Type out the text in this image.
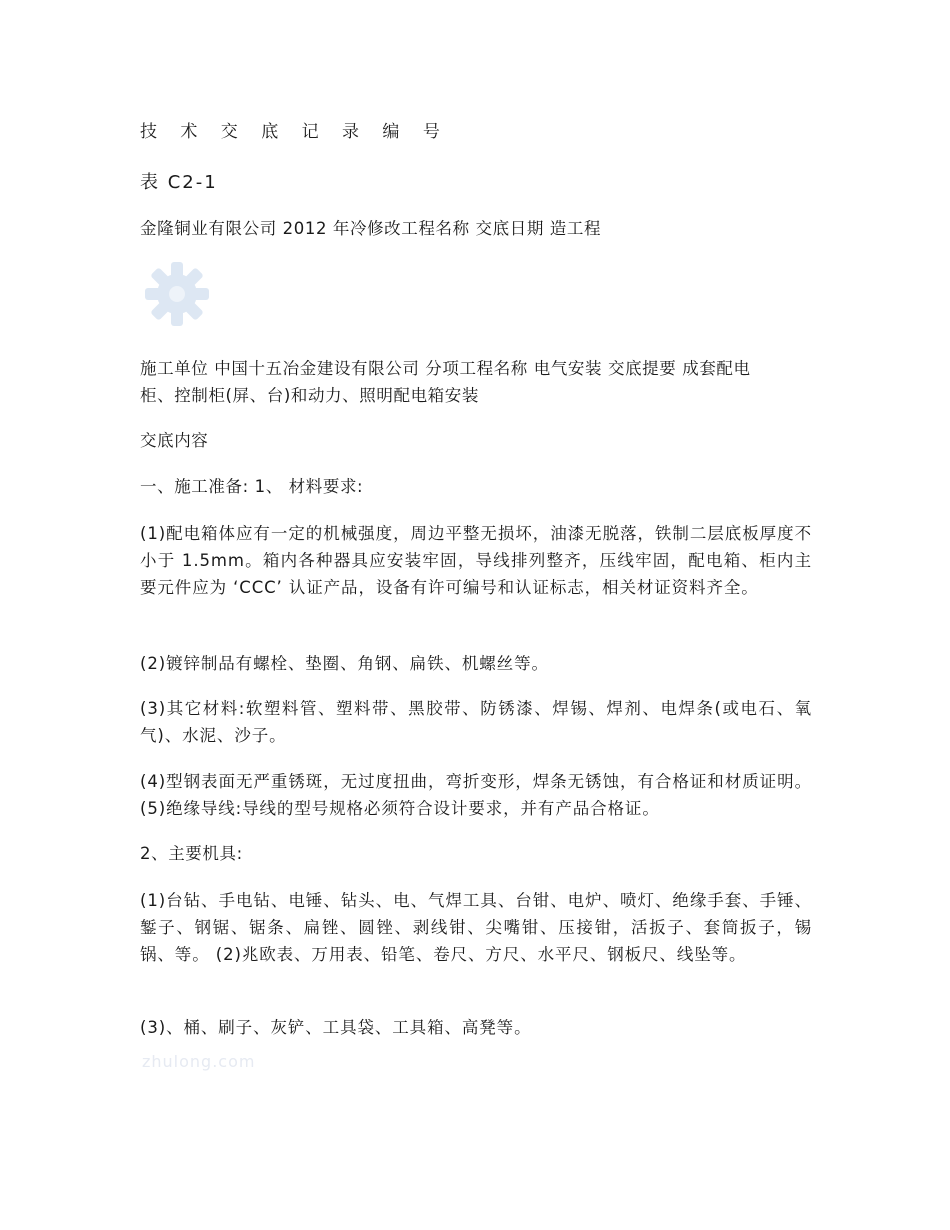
技 术 交 底 记 录 编 号
表 C2-1
金隆铜业有限公司 2012 年冷修改工程名称 交底日期 造工程
施工单位 中国十五冶金建设有限公司 分项工程名称 电气安装 交底提要 成套配电
柜、控制柜(屏、台)和动力、照明配电箱安装
交底内容
一、施工准备: 1、 材料要求:
(1)配电箱体应有一定的机械强度，周边平整无损坏，油漆无脱落，铁制二层底板厚度不小于 1.5mm。箱内各种器具应安装牢固，导线排列整齐，压线牢固，配电箱、柜内主要元件应为 ‘CCC’ 认证产品，设备有许可编号和认证标志，相关材证资料齐全。
(2)镀锌制品有螺栓、垫圈、角钢、扁铁、机螺丝等。
(3)其它材料:软塑料管、塑料带、黑胶带、防锈漆、焊锡、焊剂、电焊条(或电石、氧气)、水泥、沙子。
(4)型钢表面无严重锈斑，无过度扭曲，弯折变形，焊条无锈蚀，有合格证和材质证明。 (5)绝缘导线:导线的型号规格必须符合设计要求，并有产品合格证。
2、主要机具:
(1)台钻、手电钻、电锤、钻头、电、气焊工具、台钳、电炉、喷灯、绝缘手套、手锤、錾子、钢锯、锯条、扁锉、圆锉、剥线钳、尖嘴钳、压接钳，活扳子、套筒扳子，锡锅、等。 (2)兆欧表、万用表、铅笔、卷尺、方尺、水平尺、钢板尺、线坠等。
(3)、桶、刷子、灰铲、工具袋、工具箱、高凳等。
zhulong.com
